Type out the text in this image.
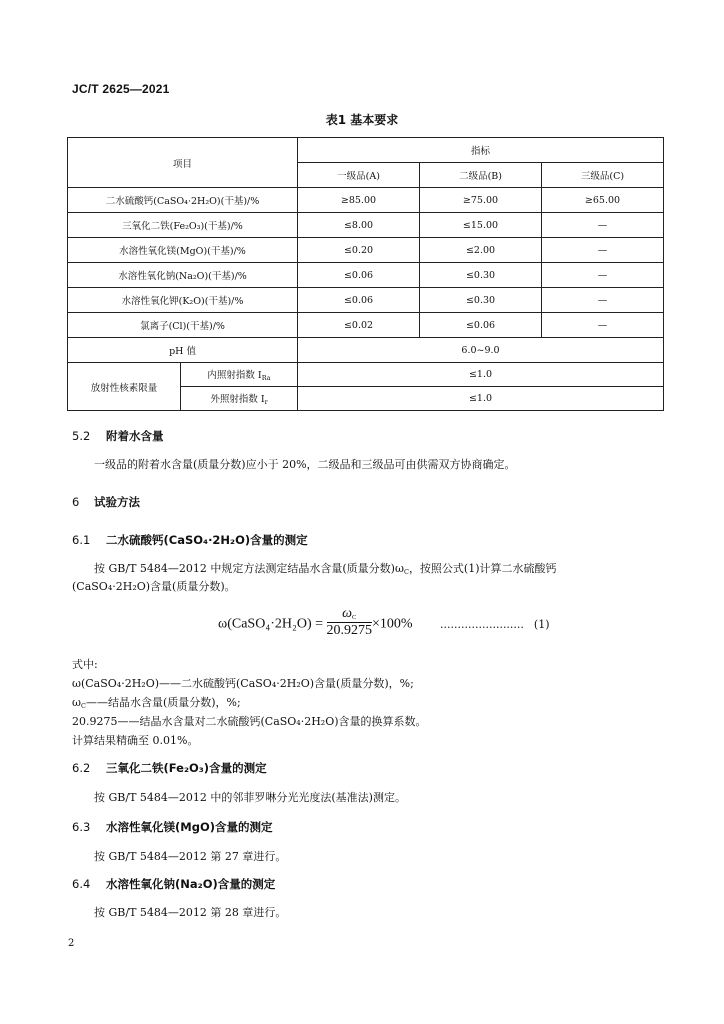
JC/T 2625—2021
表1 基本要求
项目		指标		
		一级品(A)	二级品(B)	三级品(C)
二水硫酸钙(CaSO₄·2H₂O)(干基)/%		≥85.00	≥75.00	≥65.00
三氧化二铁(Fe₂O₃)(干基)/%		≤8.00	≤15.00	—
水溶性氧化镁(MgO)(干基)/%		≤0.20	≤2.00	—
水溶性氧化钠(Na₂O)(干基)/%		≤0.06	≤0.30	—
水溶性氧化钾(K₂O)(干基)/%		≤0.06	≤0.30	—
氯离子(Cl)(干基)/%		≤0.02	≤0.06	—
pH 值		6.0~9.0		
放射性核素限量	内照射指数 $I_{Ra}$	≤1.0		
	外照射指数 $I_r$	≤1.0		
5.2 附着水含量
一级品的附着水含量(质量分数)应小于 20%，二级品和三级品可由供需双方协商确定。
6 试验方法
6.1 二水硫酸钙(CaSO₄·2H₂O)含量的测定
按 GB/T 5484—2012 中规定方法测定结晶水含量(质量分数)$\omega_C$，按照公式(1)计算二水硫酸钙
(CaSO₄·2H₂O)含量(质量分数)。
ω(CaSO₄·2H₂O) = $\frac{\omega_C}{20.9275} \times 100\%$ ........................ (1)
式中:
ω(CaSO₄·2H₂O)——二水硫酸钙(CaSO₄·2H₂O)含量(质量分数)，%;
$\omega_C——$结晶水含量(质量分数)，%;
20.9275——结晶水含量对二水硫酸钙(CaSO₄·2H₂O)含量的换算系数。
计算结果精确至 0.01%。
6.2 三氧化二铁(Fe₂O₃)含量的测定
按 GB/T 5484—2012 中的邻菲罗啉分光光度法(基准法)测定。
6.3 水溶性氧化镁(MgO)含量的测定
按 GB/T 5484—2012 第 27 章进行。
6.4 水溶性氧化钠(Na₂O)含量的测定
按 GB/T 5484—2012 第 28 章进行。
2
